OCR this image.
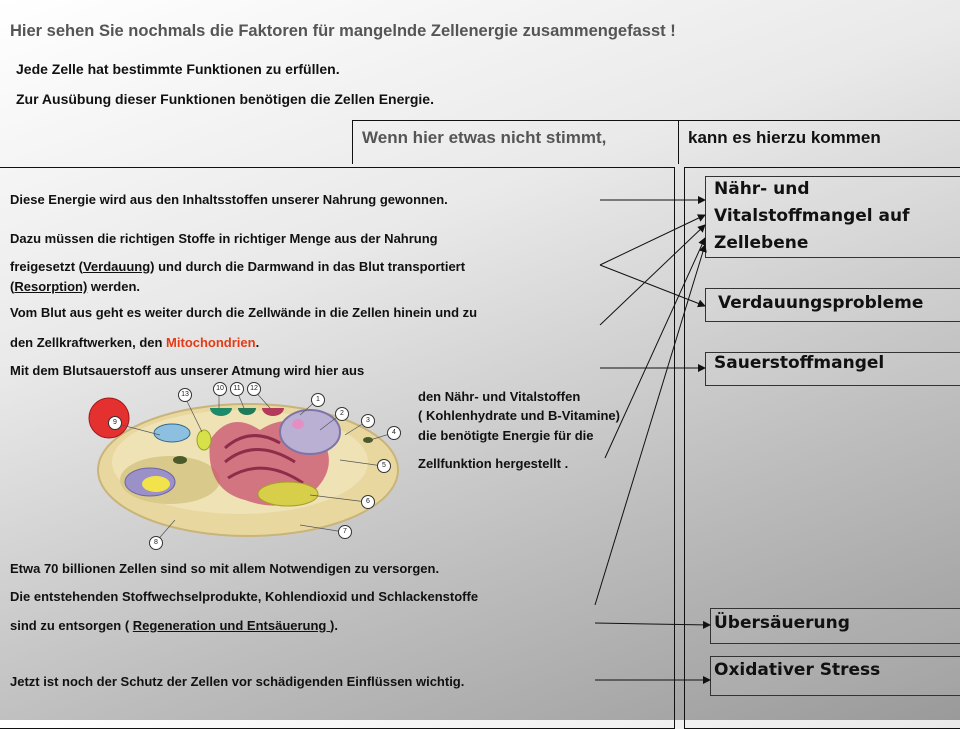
Hier sehen Sie nochmals die Faktoren für mangelnde Zellenergie zusammengefasst !
Jede Zelle hat bestimmte Funktionen zu erfüllen.
Zur Ausübung dieser Funktionen benötigen die Zellen Energie.
Wenn hier etwas nicht stimmt,	kann es hierzu kommen
Diese Energie wird aus den Inhaltsstoffen unserer Nahrung gewonnen.
Dazu müssen die richtigen Stoffe in richtiger Menge aus der Nahrung
freigesetzt (Verdauung) und durch die Darmwand in das Blut transportiert
(Resorption) werden.
Vom Blut aus geht es weiter durch die Zellwände in die Zellen hinein und zu
den Zellkraftwerken, den Mitochondrien.
Mit dem Blutsauerstoff aus unserer Atmung wird hier aus
den Nähr- und Vitalstoffen
( Kohlenhydrate und B-Vitamine)
die benötigte Energie für die
Zellfunktion hergestellt .
Etwa 70 billionen Zellen sind so mit allem Notwendigen zu versorgen.
Die entstehenden Stoffwechselprodukte, Kohlendioxid und Schlackenstoffe
sind zu entsorgen ( Regeneration und Entsäuerung ).
Jetzt ist noch der Schutz der Zellen vor schädigenden Einflüssen wichtig.
Nähr- und
Vitalstoffmangel auf
Zellebene
Verdauungsprobleme
Sauerstoffmangel
Übersäuerung
Oxidativer Stress
1
2
3
4
5
6
7
8
9
10	11	12
13
